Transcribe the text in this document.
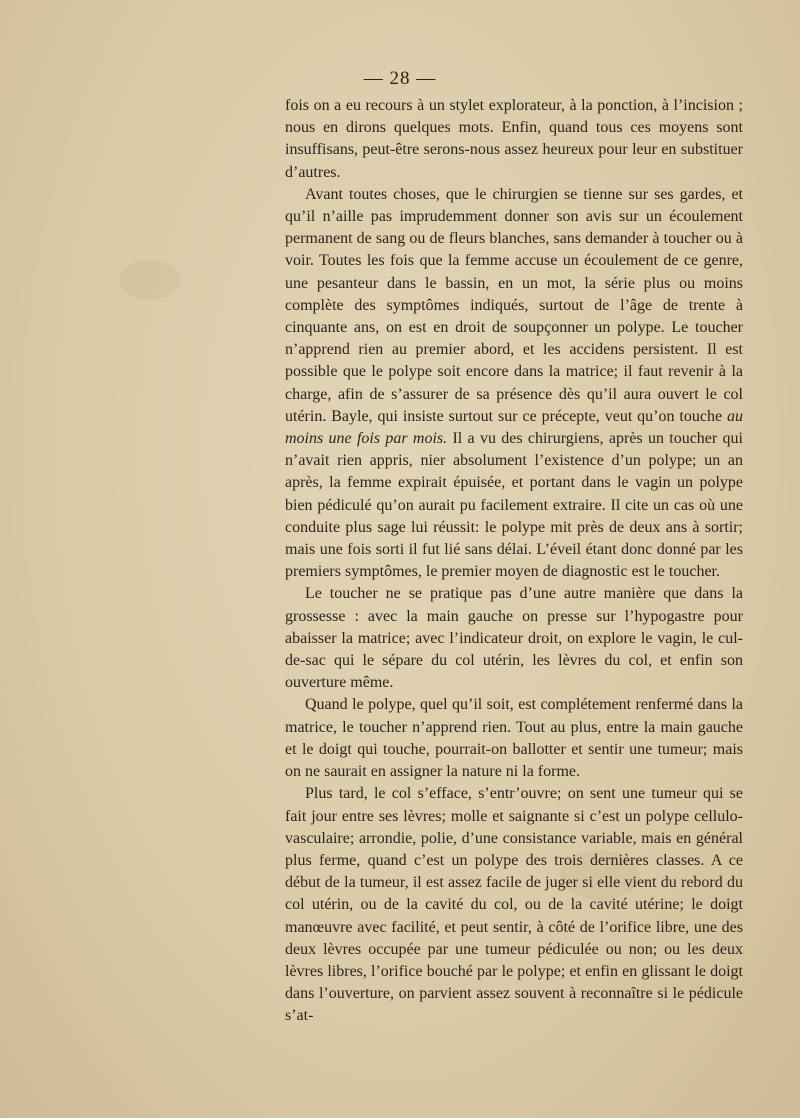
— 28 —

fois on a eu recours à un stylet explorateur, à la ponction, à l’incision ; nous en dirons quelques mots. Enfin, quand tous ces moyens sont insuffisans, peut-être serons-nous assez heureux pour leur en substituer d’autres.

Avant toutes choses, que le chirurgien se tienne sur ses gardes, et qu’il n’aille pas imprudemment donner son avis sur un écoulement permanent de sang ou de fleurs blanches, sans demander à toucher ou à voir. Toutes les fois que la femme accuse un écoulement de ce genre, une pesanteur dans le bassin, en un mot, la série plus ou moins complète des symptômes indiqués, surtout de l’âge de trente à cinquante ans, on est en droit de soupçonner un polype. Le toucher n’apprend rien au premier abord, et les accidens persistent. Il est possible que le polype soit encore dans la matrice; il faut revenir à la charge, afin de s’assurer de sa présence dès qu’il aura ouvert le col utérin. Bayle, qui insiste surtout sur ce précepte, veut qu’on touche au moins une fois par mois. Il a vu des chirurgiens, après un toucher qui n’avait rien appris, nier absolument l’existence d’un polype; un an après, la femme expirait épuisée, et portant dans le vagin un polype bien pédiculé qu’on aurait pu facilement extraire. Il cite un cas où une conduite plus sage lui réussit: le polype mit près de deux ans à sortir; mais une fois sorti il fut lié sans délai. L’éveil étant donc donné par les premiers symptômes, le premier moyen de diagnostic est le toucher.

Le toucher ne se pratique pas d’une autre manière que dans la grossesse : avec la main gauche on presse sur l’hypogastre pour abaisser la matrice; avec l’indicateur droit, on explore le vagin, le cul-de-sac qui le sépare du col utérin, les lèvres du col, et enfin son ouverture même.

Quand le polype, quel qu’il soit, est complétement renfermé dans la matrice, le toucher n’apprend rien. Tout au plus, entre la main gauche et le doigt qui touche, pourrait-on ballotter et sentir une tumeur; mais on ne saurait en assigner la nature ni la forme.

Plus tard, le col s’efface, s’entr’ouvre; on sent une tumeur qui se fait jour entre ses lèvres; molle et saignante si c’est un polype cellulo-vasculaire; arrondie, polie, d’une consistance variable, mais en général plus ferme, quand c’est un polype des trois dernières classes. A ce début de la tumeur, il est assez facile de juger si elle vient du rebord du col utérin, ou de la cavité du col, ou de la cavité utérine; le doigt manœuvre avec facilité, et peut sentir, à côté de l’orifice libre, une des deux lèvres occupée par une tumeur pédiculée ou non; ou les deux lèvres libres, l’orifice bouché par le polype; et enfin en glissant le doigt dans l’ouverture, on parvient assez souvent à reconnaître si le pédicule s’at-
